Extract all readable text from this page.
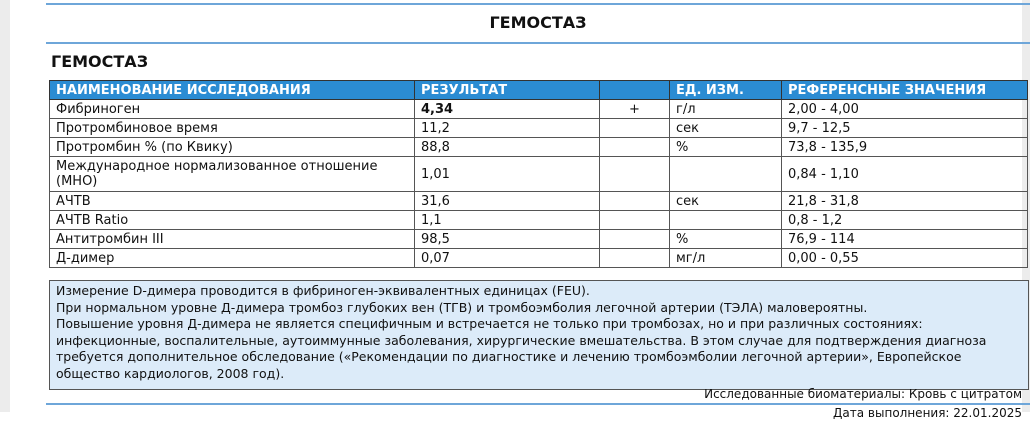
ГЕМОСТАЗ
ГЕМОСТАЗ
НАИМЕНОВАНИЕ ИССЛЕДОВАНИЯ	РЕЗУЛЬТАТ		ЕД. ИЗМ.	РЕФЕРЕНСНЫЕ ЗНАЧЕНИЯ
Фибриноген	4,34	+	г/л	2,00 - 4,00
Протромбиновое время	11,2		сек	9,7 - 12,5
Протромбин % (по Квику)	88,8		%	73,8 - 135,9
Международное нормализованное отношение (МНО)	1,01			0,84 - 1,10
АЧТВ	31,6		сек	21,8 - 31,8
АЧТВ Ratio	1,1			0,8 - 1,2
Антитромбин III	98,5		%	76,9 - 114
Д-димер	0,07		мг/л	0,00 - 0,55

Измерение D-димера проводится в фибриноген-эквивалентных единицах (FEU).

При нормальном уровне Д-димера тромбоз глубоких вен (ТГВ) и тромбоэмболия легочной артерии (ТЭЛА) маловероятны.

Повышение уровня Д-димера не является специфичным и встречается не только при тромбозах, но и при различных состояниях: инфекционные, воспалительные, аутоиммунные заболевания, хирургические вмешательства. В этом случае для подтверждения диагноза требуется дополнительное обследование («Рекомендации по диагностике и лечению тромбоэмболии легочной артерии», Европейское общество кардиологов, 2008 год).

Исследованные биоматериалы: Кровь с цитратом
Дата выполнения: 22.01.2025
